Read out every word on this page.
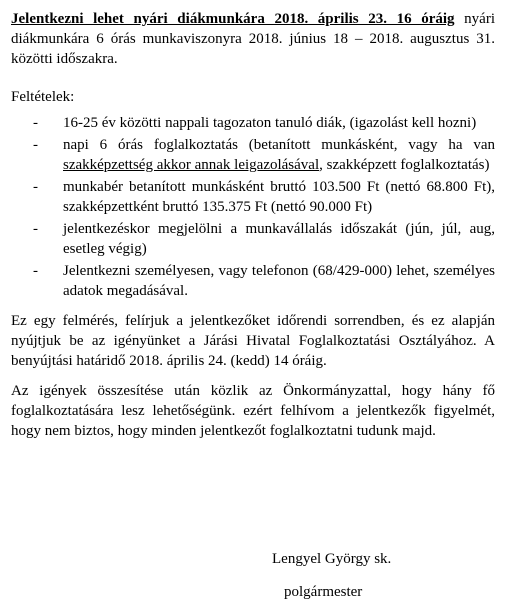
Jelentkezni lehet nyári diákmunkára 2018. április 23. 16 óráig nyári diákmunkára 6 órás munkaviszonyra 2018. június 18 – 2018. augusztus 31. közötti időszakra.

Feltételek:

- 16-25 év közötti nappali tagozaton tanuló diák, (igazolást kell hozni)
- napi 6 órás foglalkoztatás (betanított munkásként, vagy ha van szakképzettség akkor annak leigazolásával, szakképzett foglalkoztatás)
- munkabér betanított munkásként bruttó 103.500 Ft (nettó 68.800 Ft), szakképzettként bruttó 135.375 Ft (nettó 90.000 Ft)
- jelentkezéskor megjelölni a munkavállalás időszakát (jún, júl, aug, esetleg végig)
- Jelentkezni személyesen, vagy telefonon (68/429-000) lehet, személyes adatok megadásával.

Ez egy felmérés, felírjuk a jelentkezőket időrendi sorrendben, és ez alapján nyújtjuk be az igényünket a Járási Hivatal Foglalkoztatási Osztályához. A benyújtási határidő 2018. április 24. (kedd) 14 óráig.

Az igények összesítése után közlik az Önkormányzattal, hogy hány fő foglalkoztatására lesz lehetőségünk. ezért felhívom a jelentkezők figyelmét, hogy nem biztos, hogy minden jelentkezőt foglalkoztatni tudunk majd.

Lengyel György sk.
polgármester
